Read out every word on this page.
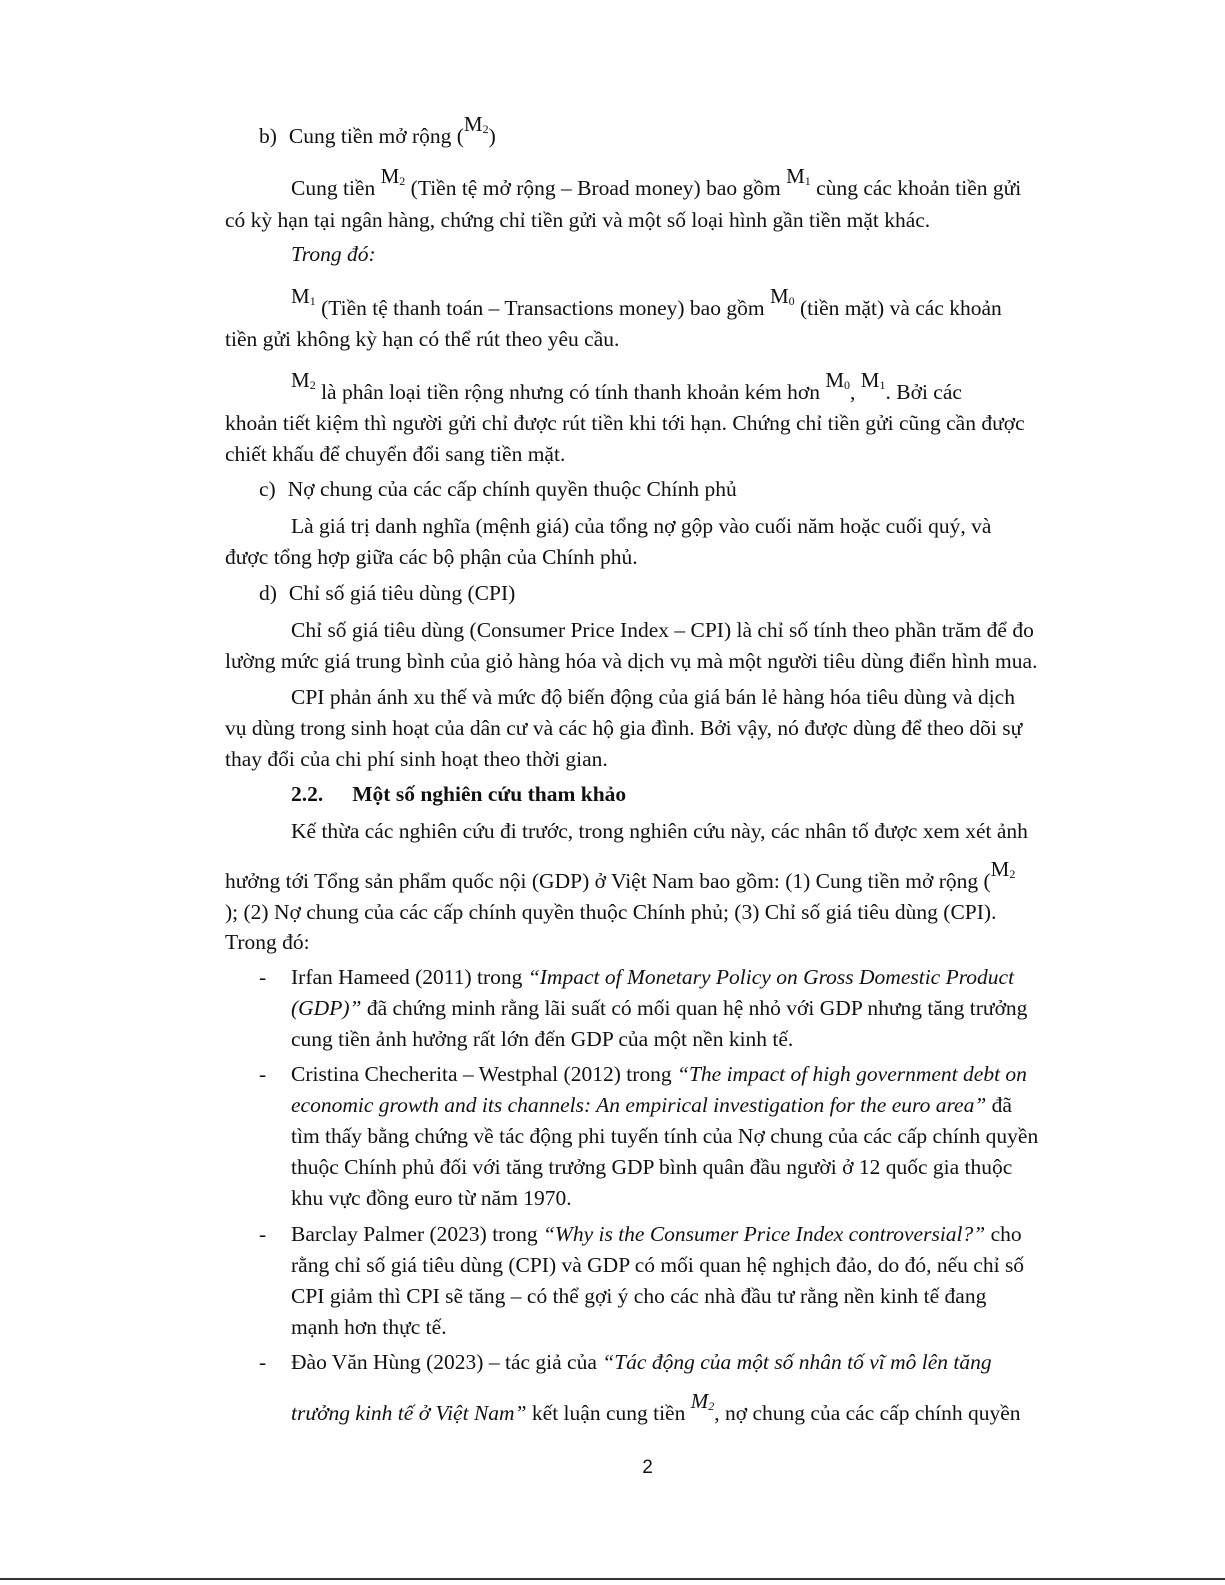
b) Cung tiền mở rộng $(M_2)$
Cung tiền $M_2$ (Tiền tệ mở rộng – Broad money) bao gồm $M_1$ cùng các khoản tiền gửi
có kỳ hạn tại ngân hàng, chứng chỉ tiền gửi và một số loại hình gần tiền mặt khác.
Trong đó:
$M_1$ (Tiền tệ thanh toán – Transactions money) bao gồm $M_0$ (tiền mặt) và các khoản
tiền gửi không kỳ hạn có thể rút theo yêu cầu.
$M_2$ là phân loại tiền rộng nhưng có tính thanh khoản kém hơn $M_0$, $M_1$. Bởi các
khoản tiết kiệm thì người gửi chỉ được rút tiền khi tới hạn. Chứng chỉ tiền gửi cũng cần được
chiết khấu để chuyển đổi sang tiền mặt.
c) Nợ chung của các cấp chính quyền thuộc Chính phủ
Là giá trị danh nghĩa (mệnh giá) của tổng nợ gộp vào cuối năm hoặc cuối quý, và
được tổng hợp giữa các bộ phận của Chính phủ.
d) Chỉ số giá tiêu dùng (CPI)
Chỉ số giá tiêu dùng (Consumer Price Index – CPI) là chỉ số tính theo phần trăm để đo
lường mức giá trung bình của giỏ hàng hóa và dịch vụ mà một người tiêu dùng điển hình mua.
CPI phản ánh xu thế và mức độ biến động của giá bán lẻ hàng hóa tiêu dùng và dịch
vụ dùng trong sinh hoạt của dân cư và các hộ gia đình. Bởi vậy, nó được dùng để theo dõi sự
thay đổi của chi phí sinh hoạt theo thời gian.
2.2. Một số nghiên cứu tham khảo
Kế thừa các nghiên cứu đi trước, trong nghiên cứu này, các nhân tố được xem xét ảnh
hưởng tới Tổng sản phẩm quốc nội (GDP) ở Việt Nam bao gồm: (1) Cung tiền mở rộng ($M_2$
); (2) Nợ chung của các cấp chính quyền thuộc Chính phủ; (3) Chỉ số giá tiêu dùng (CPI).
Trong đó:
- Irfan Hameed (2011) trong “Impact of Monetary Policy on Gross Domestic Product
(GDP)” đã chứng minh rằng lãi suất có mối quan hệ nhỏ với GDP nhưng tăng trưởng
cung tiền ảnh hưởng rất lớn đến GDP của một nền kinh tế.
- Cristina Checherita – Westphal (2012) trong “The impact of high government debt on
economic growth and its channels: An empirical investigation for the euro area” đã
tìm thấy bằng chứng về tác động phi tuyến tính của Nợ chung của các cấp chính quyền
thuộc Chính phủ đối với tăng trưởng GDP bình quân đầu người ở 12 quốc gia thuộc
khu vực đồng euro từ năm 1970.
- Barclay Palmer (2023) trong “Why is the Consumer Price Index controversial?” cho
rằng chỉ số giá tiêu dùng (CPI) và GDP có mối quan hệ nghịch đảo, do đó, nếu chỉ số
CPI giảm thì CPI sẽ tăng – có thể gợi ý cho các nhà đầu tư rằng nền kinh tế đang
mạnh hơn thực tế.
- Đào Văn Hùng (2023) – tác giả của “Tác động của một số nhân tố vĩ mô lên tăng
trưởng kinh tế ở Việt Nam” kết luận cung tiền $M_2$, nợ chung của các cấp chính quyền
2
